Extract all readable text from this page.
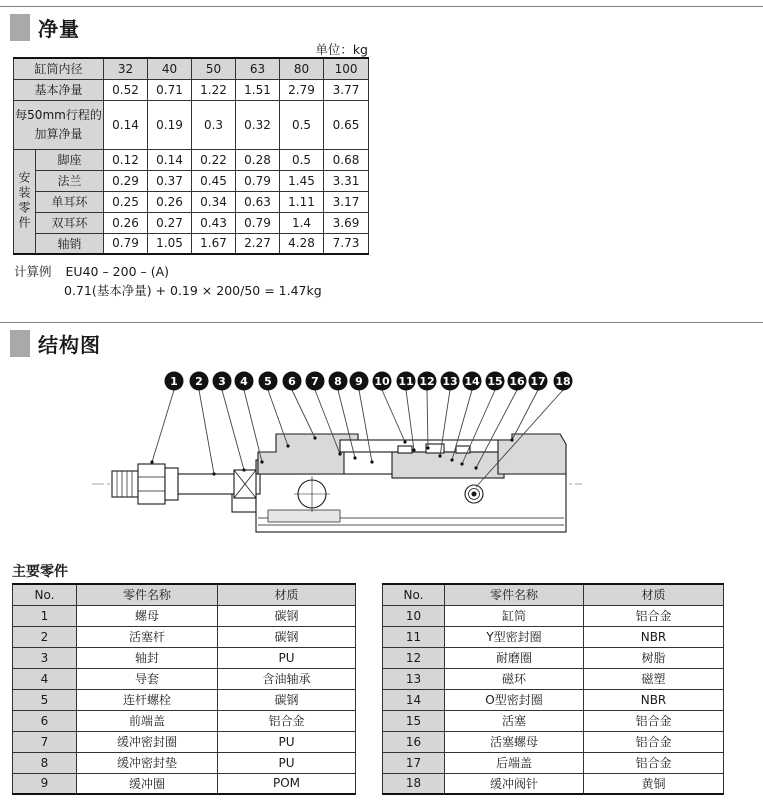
净量
单位：kg
缸筒内径		32	40	50	63	80	100
基本净量		0.52	0.71	1.22	1.51	2.79	3.77

每50mm行程的
加算净量		0.14	0.19	0.3	0.32	0.5	0.65
安装零件	脚座	0.12	0.14	0.22	0.28	0.5	0.68
	法兰	0.29	0.37	0.45	0.79	1.45	3.31
	单耳环	0.25	0.26	0.34	0.63	1.11	3.17
	双耳环	0.26	0.27	0.43	0.79	1.4	3.69
	轴销	0.79	1.05	1.67	2.27	4.28	7.73
计算例 EU40 – 200 – (A)
0.71(基本净量) + 0.19 × 200/50 = 1.47kg
结构图
1 2 3 4 5 6 7 8 9 10 11 12 13 14 15 16 17 18
主要零件
No.	零件名称	材质
1	螺母	碳钢
2	活塞杆	碳钢
3	轴封	PU
4	导套	含油轴承
5	连杆螺栓	碳钢
6	前端盖	铝合金
7	缓冲密封圈	PU
8	缓冲密封垫	PU
9	缓冲圈	POM
No.	零件名称	材质
10	缸筒	铝合金
11	Y型密封圈	NBR
12	耐磨圈	树脂
13	磁环	磁塑
14	O型密封圈	NBR
15	活塞	铝合金
16	活塞螺母	铝合金
17	后端盖	铝合金
18	缓冲阀针	黄铜
